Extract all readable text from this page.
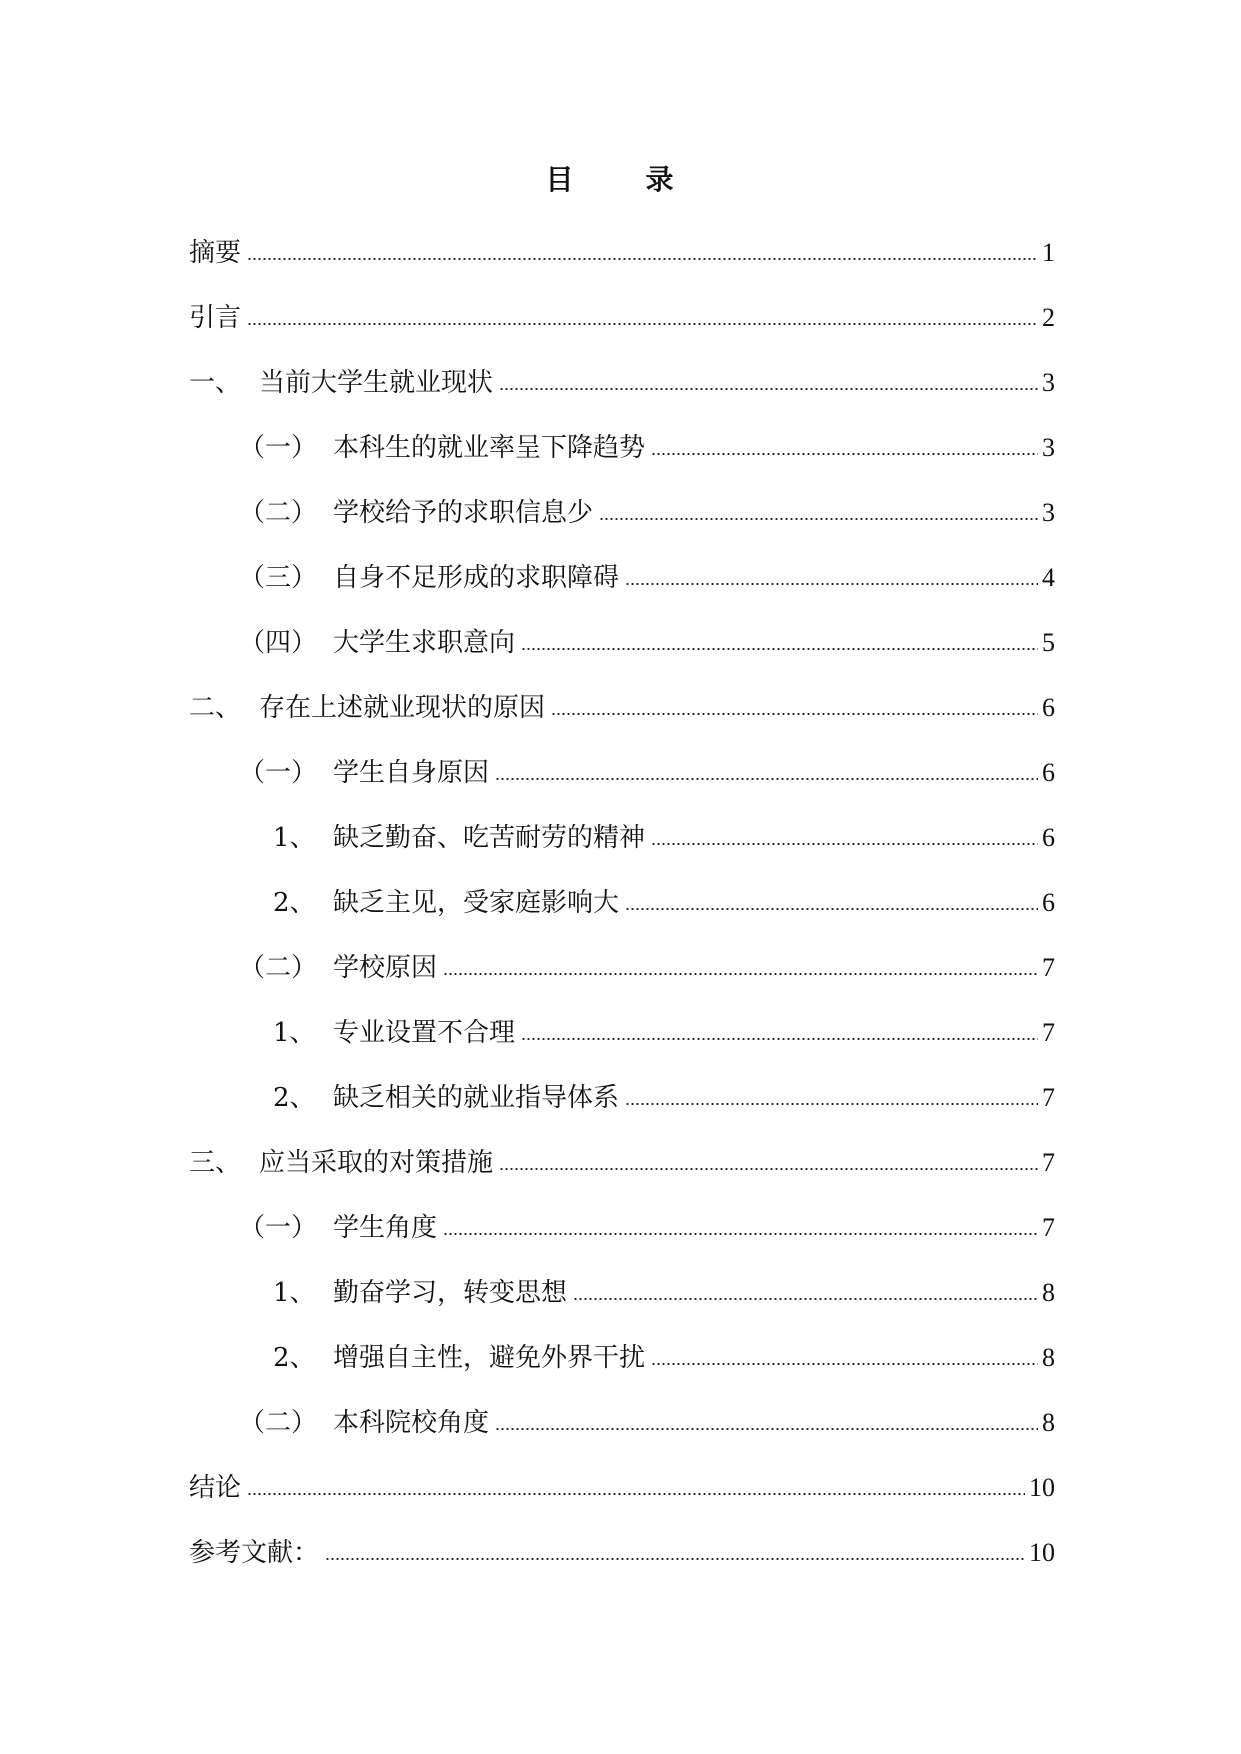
目　录
摘要	1
引言	2
一、 当前大学生就业现状	3
（一） 本科生的就业率呈下降趋势	3
（二） 学校给予的求职信息少	3
（三） 自身不足形成的求职障碍	4
（四） 大学生求职意向	5
二、 存在上述就业现状的原因	6
（一） 学生自身原因	6
1、 缺乏勤奋、吃苦耐劳的精神	6
2、 缺乏主见，受家庭影响大	6
（二） 学校原因	7
1、 专业设置不合理	7
2、 缺乏相关的就业指导体系	7
三、 应当采取的对策措施	7
（一） 学生角度	7
1、 勤奋学习，转变思想	8
2、 增强自主性，避免外界干扰	8
（二） 本科院校角度	8
结论	10
参考文献：	10
